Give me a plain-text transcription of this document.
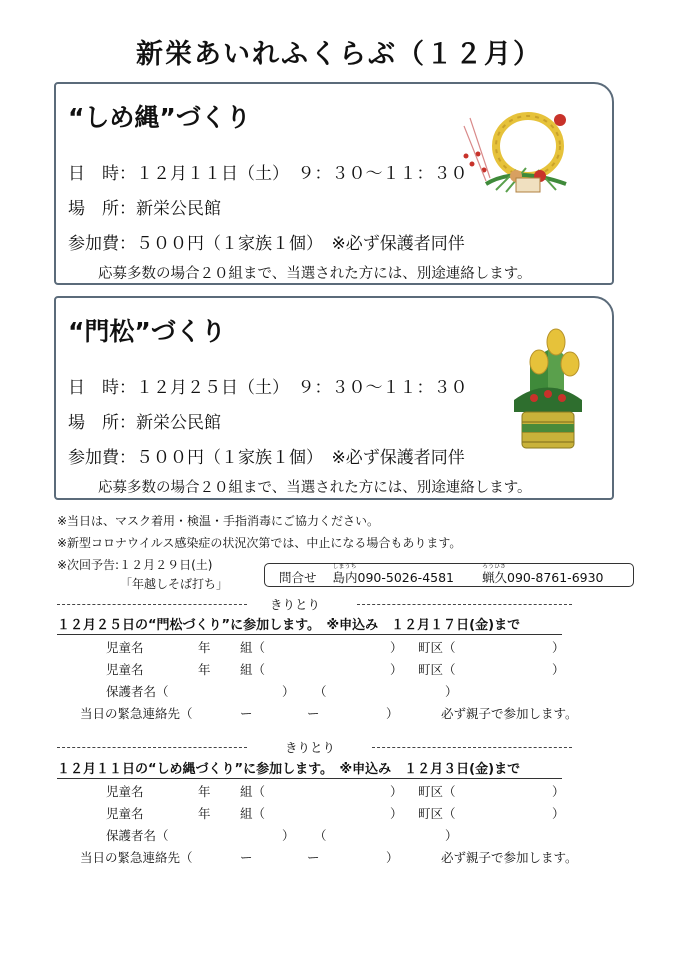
新栄あいれふくらぶ（１２月）
“しめ縄”づくり
日　時：１２月１１日（土）　９：３０～１１：３０
場　所：新栄公民館
参加費：５００円（１家族１個）　※必ず保護者同伴
応募多数の場合２０組まで、当選された方には、別途連絡します。
“門松”づくり
日　時：１２月２５日（土）　９：３０～１１：３０
場　所：新栄公民館
参加費：５００円（１家族１個）　※必ず保護者同伴
応募多数の場合２０組まで、当選された方には、別途連絡します。
※当日は、マスク着用・検温・手指消毒にご協力ください。
※新型コロナウイルス感染症の状況次第では、中止になる場合もあります。
※次回予告:１２月２９日(土)
「年越しそば打ち」	問合せ
しまうち
島内090-5026-4581
ろうひさ
蝋久090-8761-6930
きりとり
１２月２５日の“門松づくり”に参加します。　※申込み　１２月１７日(金)まで
児童名	年 組（	） 町区（	）
児童名	年 組（	） 町区（	）
保護者名（	） （	）
当日の緊急連絡先（	ー	ー	）	必ず親子で参加します。
きりとり
１２月１１日の“しめ縄づくり”に参加します。　※申込み　１２月３日(金)まで
児童名	年 組（	） 町区（	）
児童名	年 組（	） 町区（	）
保護者名（	） （	）
当日の緊急連絡先（	ー	ー	）	必ず親子で参加します。
